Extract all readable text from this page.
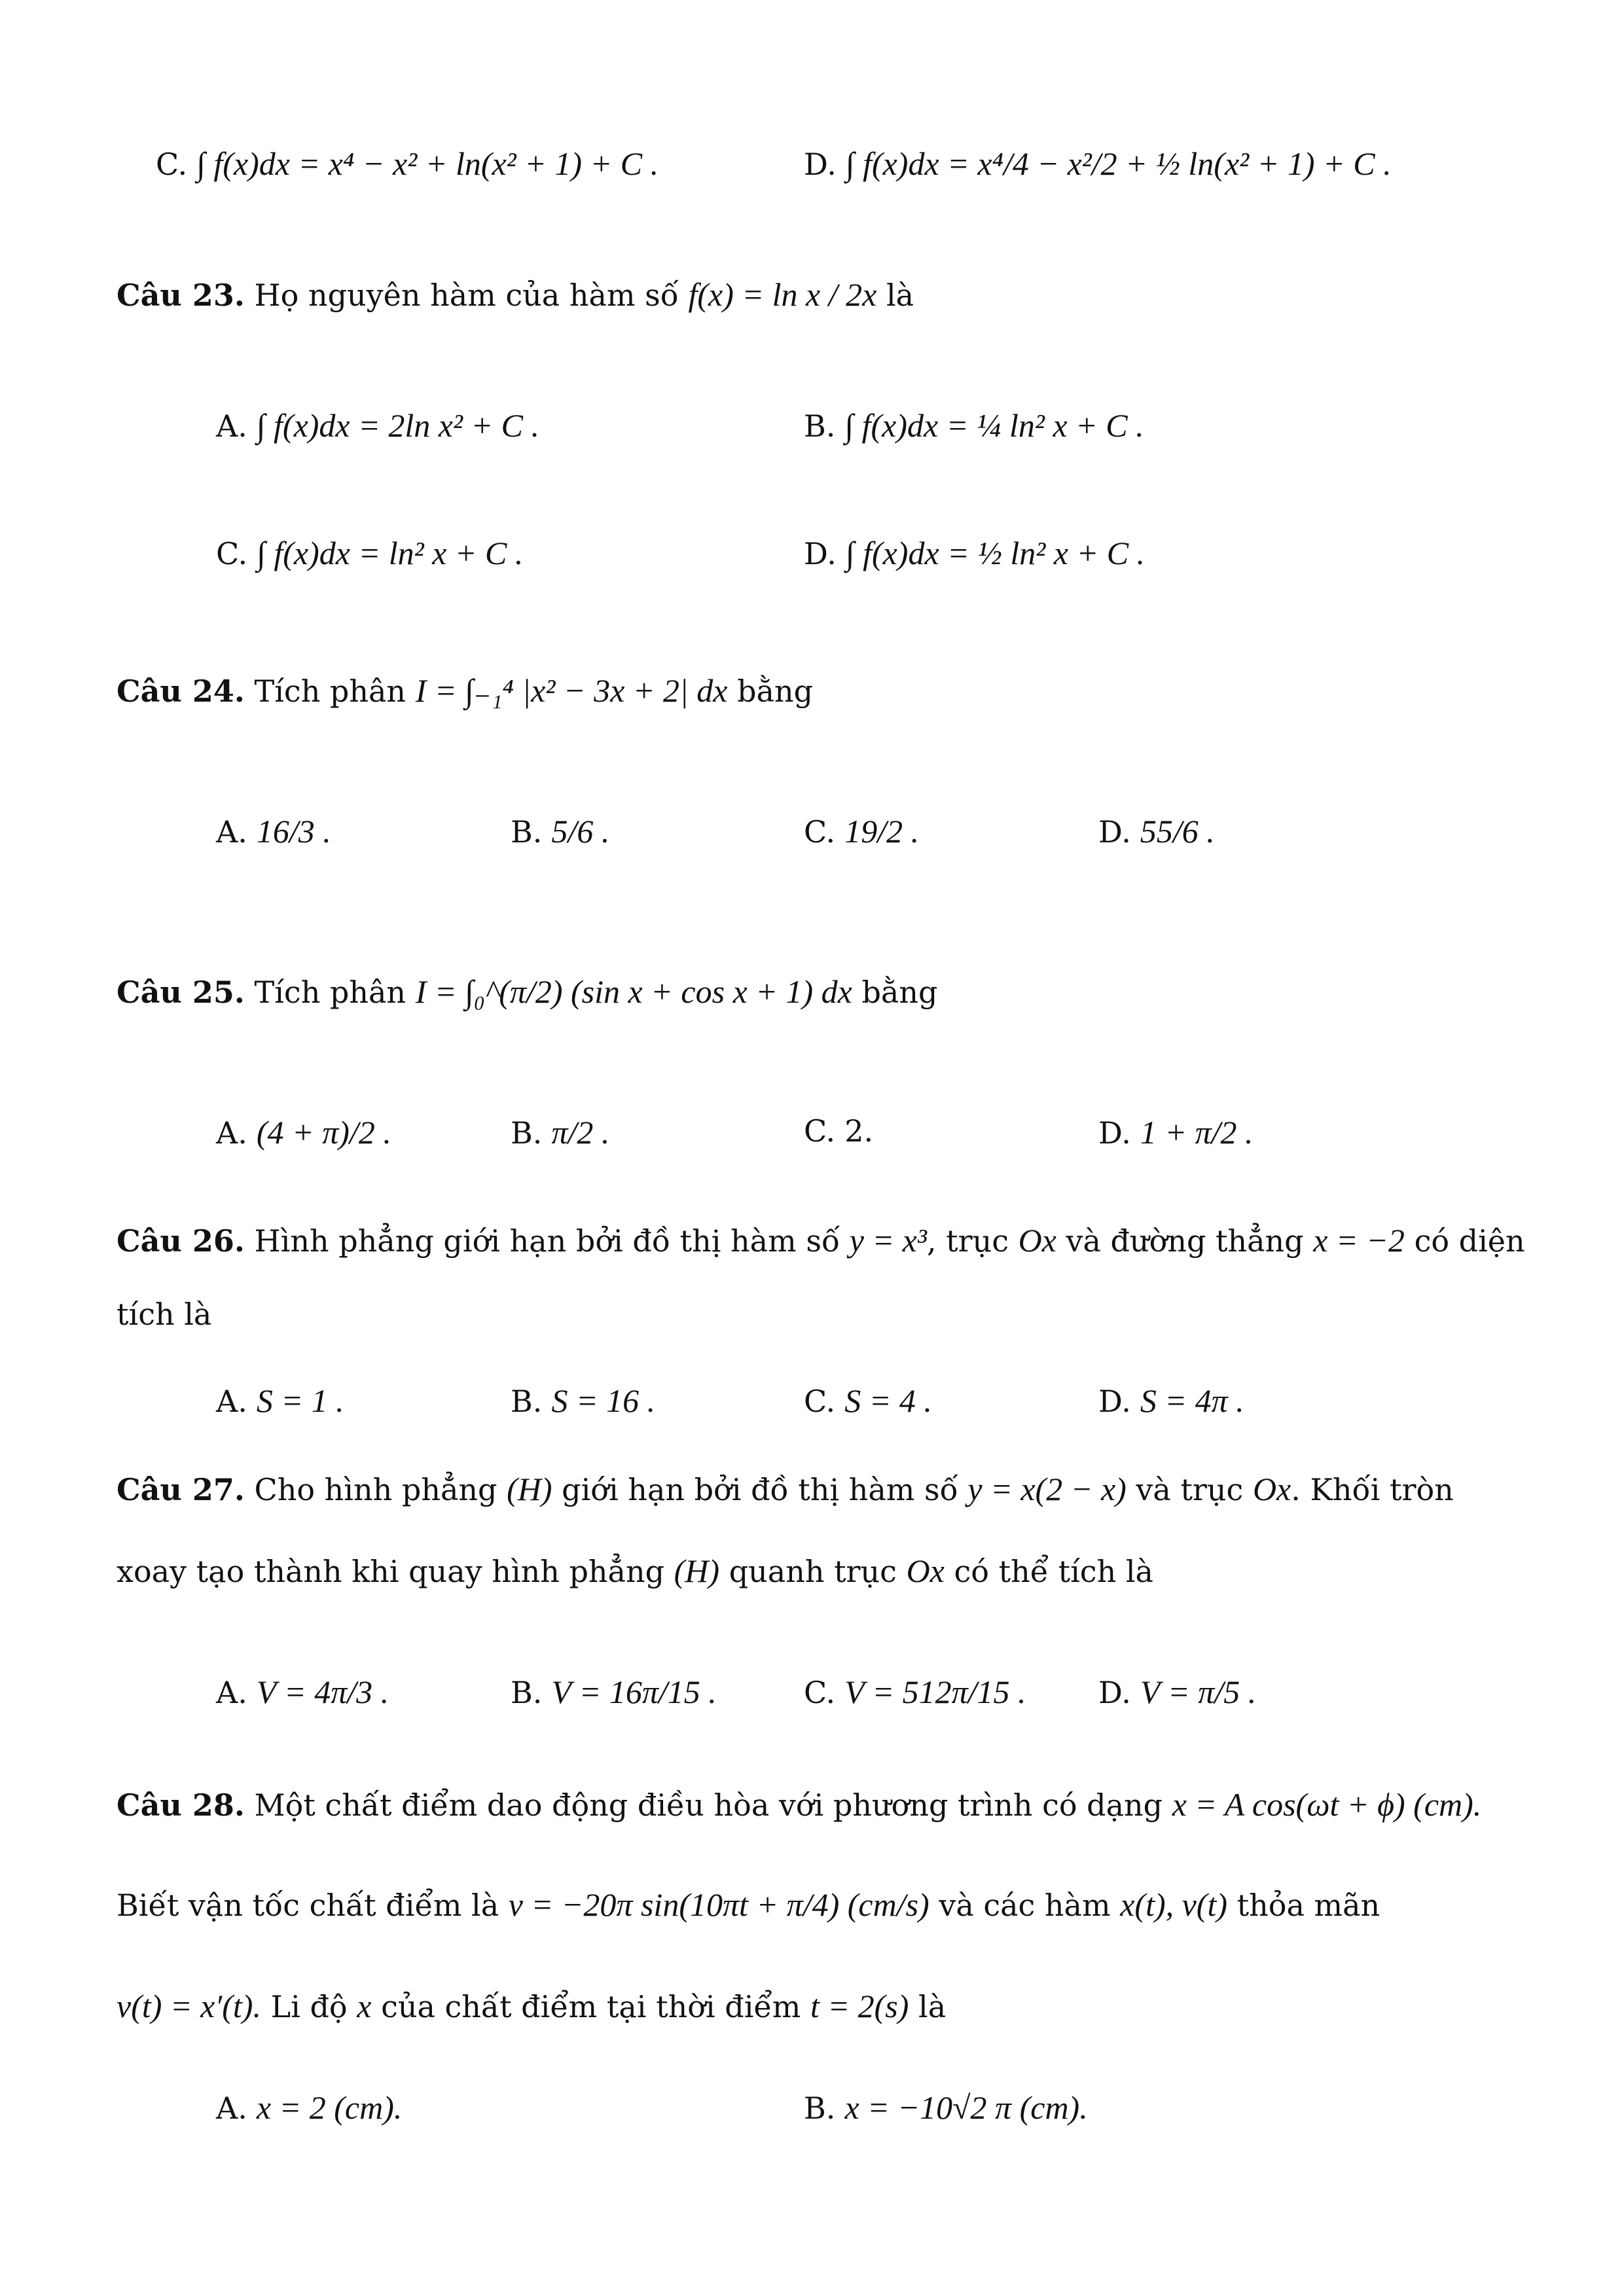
C. ∫ f(x)dx = x⁴ − x² + ln(x² + 1) + C .	D. ∫ f(x)dx = x⁴/4 − x²/2 + ½ ln(x² + 1) + C .
Câu 23. Họ nguyên hàm của hàm số f(x) = ln x / 2x là
A. ∫ f(x)dx = 2ln x² + C .	B. ∫ f(x)dx = ¼ ln² x + C .
C. ∫ f(x)dx = ln² x + C .	D. ∫ f(x)dx = ½ ln² x + C .
Câu 24. Tích phân I = ∫₋₁⁴ |x² − 3x + 2| dx bằng
A. 16/3 .	B. 5/6 .	C. 19/2 .	D. 55/6 .
Câu 25. Tích phân I = ∫₀^(π/2) (sin x + cos x + 1) dx bằng
A. (4 + π)/2 .	B. π/2 .	C. 2.	D. 1 + π/2 .
Câu 26. Hình phẳng giới hạn bởi đồ thị hàm số y = x³, trục Ox và đường thẳng x = −2 có diện
tích là
A. S = 1 .	B. S = 16 .	C. S = 4 .	D. S = 4π .
Câu 27. Cho hình phẳng (H) giới hạn bởi đồ thị hàm số y = x(2 − x) và trục Ox. Khối tròn
xoay tạo thành khi quay hình phẳng (H) quanh trục Ox có thể tích là
A. V = 4π/3 .	B. V = 16π/15 .	C. V = 512π/15 . D. V = π/5 .
Câu 28. Một chất điểm dao động điều hòa với phương trình có dạng x = A cos(ωt + ϕ) (cm).
Biết vận tốc chất điểm là v = −20π sin(10πt + π/4) (cm/s) và các hàm x(t), v(t) thỏa mãn
v(t) = x′(t). Li độ x của chất điểm tại thời điểm t = 2(s) là
A. x = 2 (cm).	B. x = −10√2 π (cm).
